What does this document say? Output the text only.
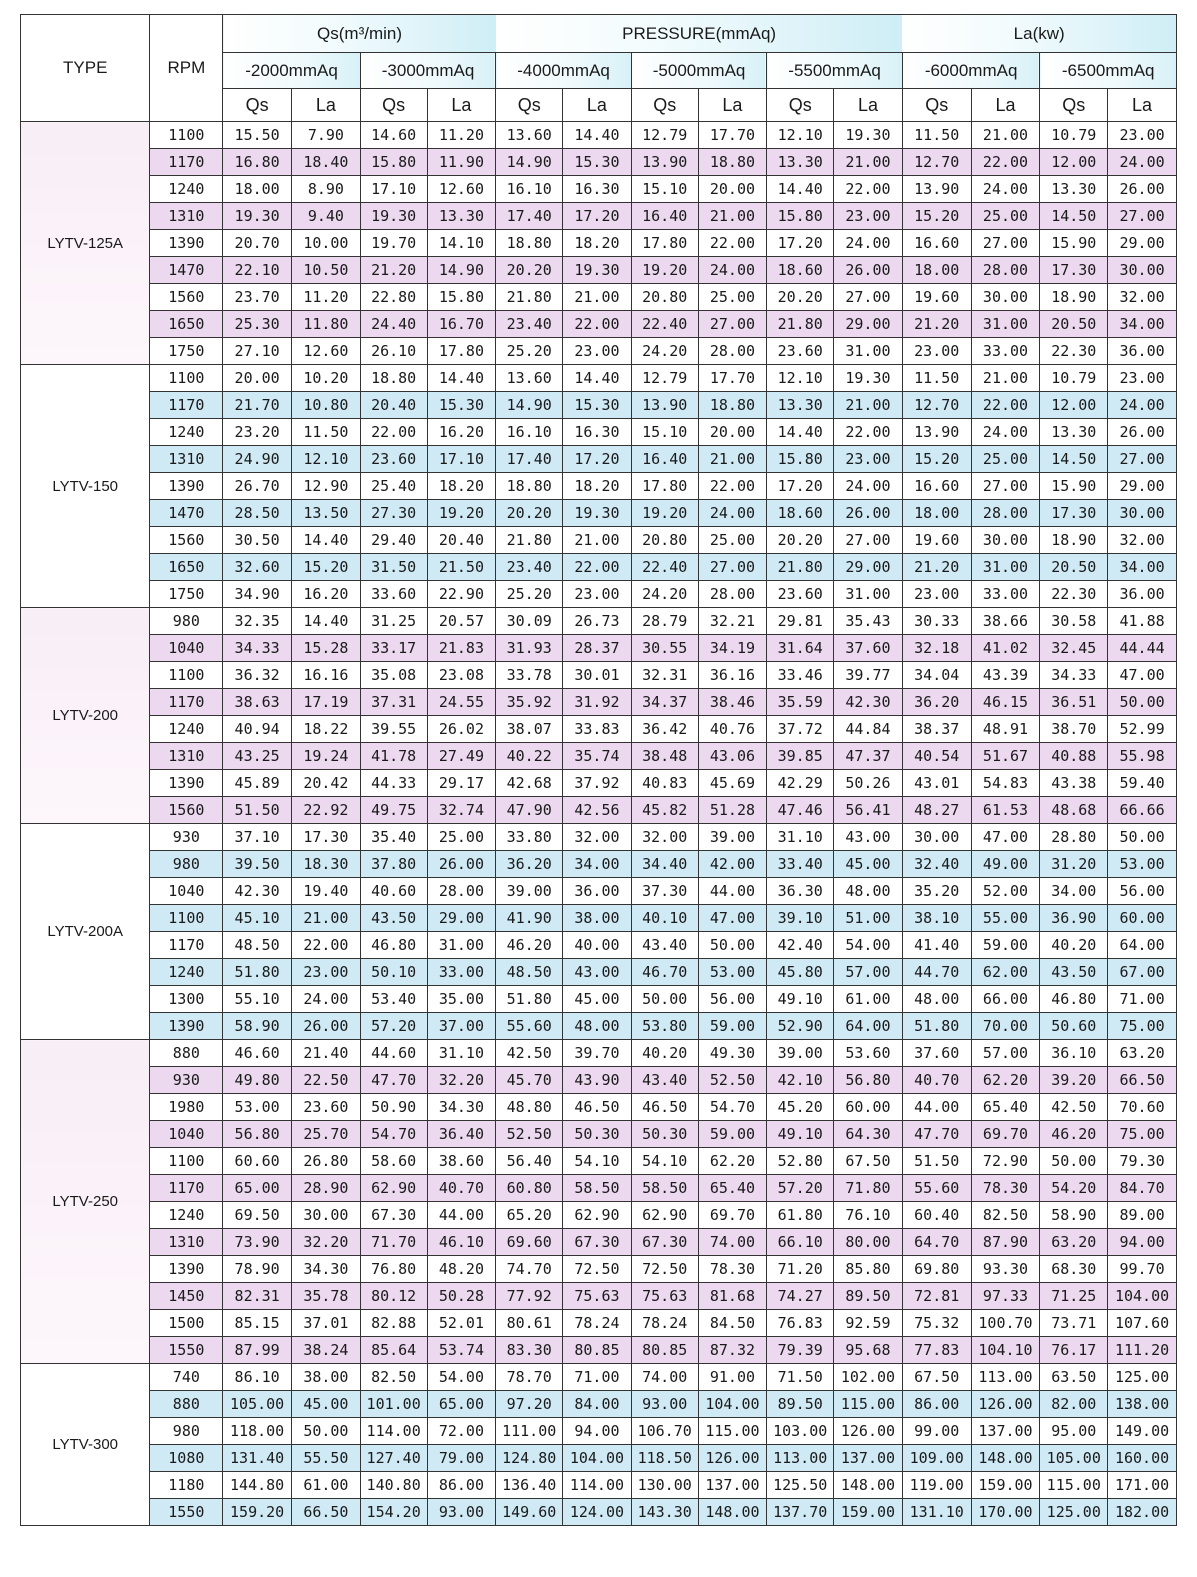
TYPE	RPM	Qs(m³/min)				PRESSURE(mmAq)						La(kw)			
		-2000mmAq		-3000mmAq		-4000mmAq		-5000mmAq		-5500mmAq		-6000mmAq		-6500mmAq	
		Qs	La	Qs	La	Qs	La	Qs	La	Qs	La	Qs	La	Qs	La
LYTV-125A	1100	15.50	7.90	14.60	11.20	13.60	14.40	12.79	17.70	12.10	19.30	11.50	21.00	10.79	23.00
	1170	16.80	18.40	15.80	11.90	14.90	15.30	13.90	18.80	13.30	21.00	12.70	22.00	12.00	24.00
	1240	18.00	8.90	17.10	12.60	16.10	16.30	15.10	20.00	14.40	22.00	13.90	24.00	13.30	26.00
	1310	19.30	9.40	19.30	13.30	17.40	17.20	16.40	21.00	15.80	23.00	15.20	25.00	14.50	27.00
	1390	20.70	10.00	19.70	14.10	18.80	18.20	17.80	22.00	17.20	24.00	16.60	27.00	15.90	29.00
	1470	22.10	10.50	21.20	14.90	20.20	19.30	19.20	24.00	18.60	26.00	18.00	28.00	17.30	30.00
	1560	23.70	11.20	22.80	15.80	21.80	21.00	20.80	25.00	20.20	27.00	19.60	30.00	18.90	32.00
	1650	25.30	11.80	24.40	16.70	23.40	22.00	22.40	27.00	21.80	29.00	21.20	31.00	20.50	34.00
	1750	27.10	12.60	26.10	17.80	25.20	23.00	24.20	28.00	23.60	31.00	23.00	33.00	22.30	36.00
LYTV-150	1100	20.00	10.20	18.80	14.40	13.60	14.40	12.79	17.70	12.10	19.30	11.50	21.00	10.79	23.00
	1170	21.70	10.80	20.40	15.30	14.90	15.30	13.90	18.80	13.30	21.00	12.70	22.00	12.00	24.00
	1240	23.20	11.50	22.00	16.20	16.10	16.30	15.10	20.00	14.40	22.00	13.90	24.00	13.30	26.00
	1310	24.90	12.10	23.60	17.10	17.40	17.20	16.40	21.00	15.80	23.00	15.20	25.00	14.50	27.00
	1390	26.70	12.90	25.40	18.20	18.80	18.20	17.80	22.00	17.20	24.00	16.60	27.00	15.90	29.00
	1470	28.50	13.50	27.30	19.20	20.20	19.30	19.20	24.00	18.60	26.00	18.00	28.00	17.30	30.00
	1560	30.50	14.40	29.40	20.40	21.80	21.00	20.80	25.00	20.20	27.00	19.60	30.00	18.90	32.00
	1650	32.60	15.20	31.50	21.50	23.40	22.00	22.40	27.00	21.80	29.00	21.20	31.00	20.50	34.00
	1750	34.90	16.20	33.60	22.90	25.20	23.00	24.20	28.00	23.60	31.00	23.00	33.00	22.30	36.00
LYTV-200	980	32.35	14.40	31.25	20.57	30.09	26.73	28.79	32.21	29.81	35.43	30.33	38.66	30.58	41.88
	1040	34.33	15.28	33.17	21.83	31.93	28.37	30.55	34.19	31.64	37.60	32.18	41.02	32.45	44.44
	1100	36.32	16.16	35.08	23.08	33.78	30.01	32.31	36.16	33.46	39.77	34.04	43.39	34.33	47.00
	1170	38.63	17.19	37.31	24.55	35.92	31.92	34.37	38.46	35.59	42.30	36.20	46.15	36.51	50.00
	1240	40.94	18.22	39.55	26.02	38.07	33.83	36.42	40.76	37.72	44.84	38.37	48.91	38.70	52.99
	1310	43.25	19.24	41.78	27.49	40.22	35.74	38.48	43.06	39.85	47.37	40.54	51.67	40.88	55.98
	1390	45.89	20.42	44.33	29.17	42.68	37.92	40.83	45.69	42.29	50.26	43.01	54.83	43.38	59.40
	1560	51.50	22.92	49.75	32.74	47.90	42.56	45.82	51.28	47.46	56.41	48.27	61.53	48.68	66.66
LYTV-200A	930	37.10	17.30	35.40	25.00	33.80	32.00	32.00	39.00	31.10	43.00	30.00	47.00	28.80	50.00
	980	39.50	18.30	37.80	26.00	36.20	34.00	34.40	42.00	33.40	45.00	32.40	49.00	31.20	53.00
	1040	42.30	19.40	40.60	28.00	39.00	36.00	37.30	44.00	36.30	48.00	35.20	52.00	34.00	56.00
	1100	45.10	21.00	43.50	29.00	41.90	38.00	40.10	47.00	39.10	51.00	38.10	55.00	36.90	60.00
	1170	48.50	22.00	46.80	31.00	46.20	40.00	43.40	50.00	42.40	54.00	41.40	59.00	40.20	64.00
	1240	51.80	23.00	50.10	33.00	48.50	43.00	46.70	53.00	45.80	57.00	44.70	62.00	43.50	67.00
	1300	55.10	24.00	53.40	35.00	51.80	45.00	50.00	56.00	49.10	61.00	48.00	66.00	46.80	71.00
	1390	58.90	26.00	57.20	37.00	55.60	48.00	53.80	59.00	52.90	64.00	51.80	70.00	50.60	75.00
LYTV-250	880	46.60	21.40	44.60	31.10	42.50	39.70	40.20	49.30	39.00	53.60	37.60	57.00	36.10	63.20
	930	49.80	22.50	47.70	32.20	45.70	43.90	43.40	52.50	42.10	56.80	40.70	62.20	39.20	66.50
	1980	53.00	23.60	50.90	34.30	48.80	46.50	46.50	54.70	45.20	60.00	44.00	65.40	42.50	70.60
	1040	56.80	25.70	54.70	36.40	52.50	50.30	50.30	59.00	49.10	64.30	47.70	69.70	46.20	75.00
	1100	60.60	26.80	58.60	38.60	56.40	54.10	54.10	62.20	52.80	67.50	51.50	72.90	50.00	79.30
	1170	65.00	28.90	62.90	40.70	60.80	58.50	58.50	65.40	57.20	71.80	55.60	78.30	54.20	84.70
	1240	69.50	30.00	67.30	44.00	65.20	62.90	62.90	69.70	61.80	76.10	60.40	82.50	58.90	89.00
	1310	73.90	32.20	71.70	46.10	69.60	67.30	67.30	74.00	66.10	80.00	64.70	87.90	63.20	94.00
	1390	78.90	34.30	76.80	48.20	74.70	72.50	72.50	78.30	71.20	85.80	69.80	93.30	68.30	99.70
	1450	82.31	35.78	80.12	50.28	77.92	75.63	75.63	81.68	74.27	89.50	72.81	97.33	71.25	104.00
	1500	85.15	37.01	82.88	52.01	80.61	78.24	78.24	84.50	76.83	92.59	75.32	100.70	73.71	107.60
	1550	87.99	38.24	85.64	53.74	83.30	80.85	80.85	87.32	79.39	95.68	77.83	104.10	76.17	111.20
LYTV-300	740	86.10	38.00	82.50	54.00	78.70	71.00	74.00	91.00	71.50	102.00	67.50	113.00	63.50	125.00
	880	105.00	45.00	101.00	65.00	97.20	84.00	93.00	104.00	89.50	115.00	86.00	126.00	82.00	138.00
	980	118.00	50.00	114.00	72.00	111.00	94.00	106.70	115.00	103.00	126.00	99.00	137.00	95.00	149.00
	1080	131.40	55.50	127.40	79.00	124.80	104.00	118.50	126.00	113.00	137.00	109.00	148.00	105.00	160.00
	1180	144.80	61.00	140.80	86.00	136.40	114.00	130.00	137.00	125.50	148.00	119.00	159.00	115.00	171.00
	1550	159.20	66.50	154.20	93.00	149.60	124.00	143.30	148.00	137.70	159.00	131.10	170.00	125.00	182.00
